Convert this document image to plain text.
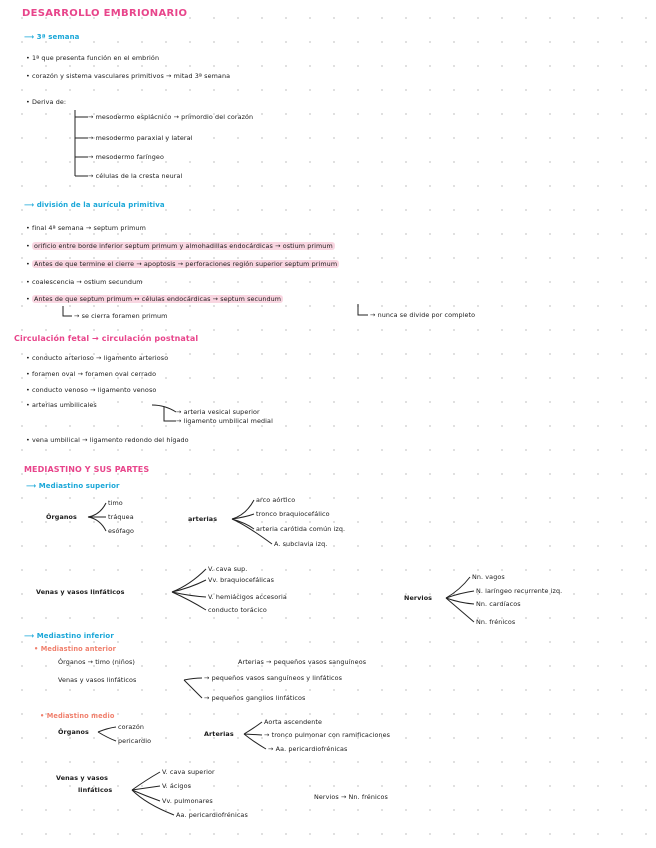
DESARROLLO EMBRIONARIO
⟶ 3ª semana
• 1ª que presenta función en el embrión
• corazón y sistema vasculares primitivos → mitad 3ª semana
• Deriva de:
→ mesodermo esplácnico → primordio del corazón
→ mesodermo paraxial y lateral
→ mesodermo faríngeo
→ células de la cresta neural
⟶ división de la aurícula primitiva
• final 4ª semana → septum primum
• orificio entre borde inferior septum primum y almohadillas endocárdicas → ostium primum
• Antes de que termine el cierre → apoptosis → perforaciones región superior septum primum
• coalescencia → ostium secundum
• Antes de que septum primum ↔ células endocárdicas → septum secundum
→ se cierra foramen primum	→ nunca se divide por completo
Circulación fetal → circulación postnatal
• conducto arterioso → ligamento arterioso
• foramen oval → foramen oval cerrado
• conducto venoso → ligamento venoso
• arterias umbilicales
→ arteria vesical superior
→ ligamento umbilical medial
• vena umbilical → ligamento redondo del hígado
MEDIASTINO Y SUS PARTES
⟶ Mediastino superior
Órganos
timo
tráquea
esófago
arterias
arco aórtico
tronco braquiocefálico
arteria carótida común izq.
A. subclavia izq.
Venas y vasos linfáticos
V. cava sup.
Vv. braquiocefálicas
V. hemiácigos accesoria
conducto torácico
Nervios
Nn. vagos
N. laríngeo recurrente izq.
Nn. cardíacos
Nn. frénicos
⟶ Mediastino inferior
• Mediastino anterior
Órganos → timo (niños)	Arterias → pequeños vasos sanguíneos
Venas y vasos linfáticos	→ pequeños vasos sanguíneos y linfáticos
→ pequeños ganglios linfáticos
• Mediastino medio
Órganos
corazón
pericardio
Arterias
Aorta ascendente
→ tronco pulmonar con ramificaciones
→ Aa. pericardiofrénicas
Venas y vasos
linfáticos
V. cava superior
V. ácigos
Vv. pulmonares
Aa. pericardiofrénicas
Nervios → Nn. frénicos
